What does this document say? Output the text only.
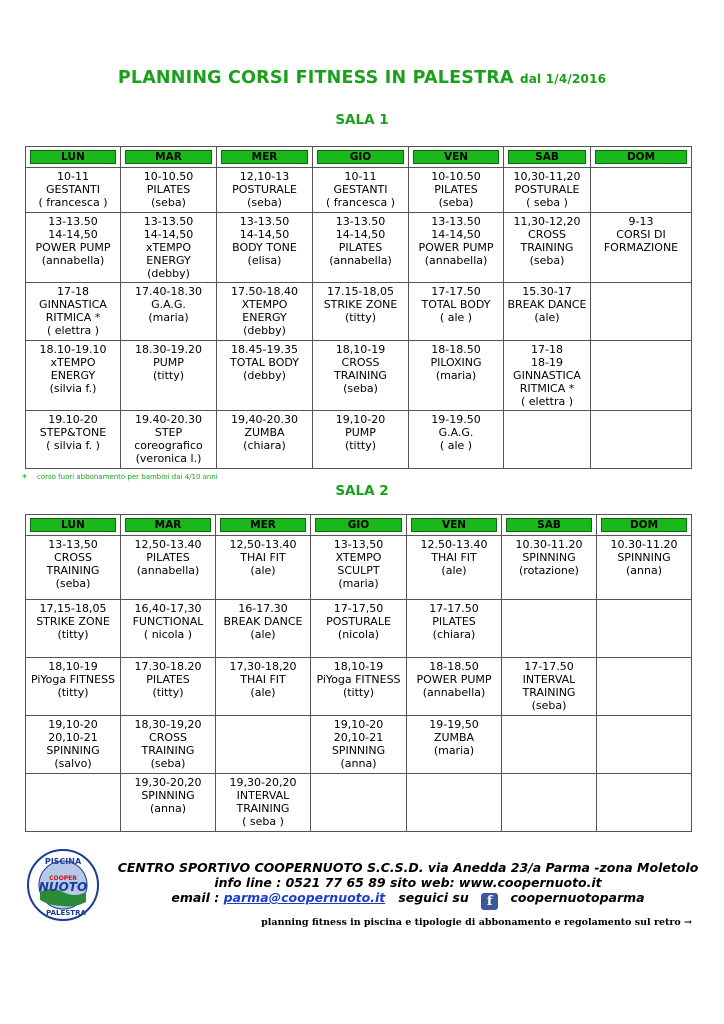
PLANNING CORSI FITNESS IN PALESTRA dal 1/4/2016
SALA 1
LUN	MAR	MER	GIO	VEN	SAB	DOM

10-11
GESTANTI
( francesca )	10-10.50
PILATES
(seba)	12,10-13
POSTURALE
(seba)	10-11
GESTANTI
( francesca )	10-10.50
PILATES
(seba)	10,30-11,20
POSTURALE
( seba )	

13-13.50
14-14,50
POWER PUMP
(annabella)	13-13.50
14-14,50
xTEMPO
ENERGY
(debby)	13-13.50
14-14,50
BODY TONE
(elisa)	13-13.50
14-14,50
PILATES
(annabella)	13-13.50
14-14,50
POWER PUMP
(annabella)	11,30-12,20
CROSS
TRAINING
(seba)	9-13
CORSI DI
FORMAZIONE

17-18
GINNASTICA
RITMICA *
( elettra )	17.40-18.30
G.A.G.
(maria)	17.50-18.40
XTEMPO
ENERGY
(debby)	17.15-18,05
STRIKE ZONE
(titty)	17-17.50
TOTAL BODY
( ale )	15.30-17
BREAK DANCE
(ale)	

18.10-19.10
xTEMPO
ENERGY
(silvia f.)	18.30-19.20
PUMP
(titty)	18.45-19.35
TOTAL BODY
(debby)	18,10-19
CROSS
TRAINING
(seba)	18-18.50
PILOXING
(maria)	17-18
18-19
GINNASTICA
RITMICA *
( elettra )	

19.10-20
STEP&TONE
( silvia f. )	19.40-20.30
STEP
coreografico
(veronica l.)	19,40-20.30
ZUMBA
(chiara)	19,10-20
PUMP
(titty)	19-19.50
G.A.G.
( ale )		

* corso fuori abbonamento per bambini dai 4/10 anni
SALA 2
LUN	MAR	MER	GIO	VEN	SAB	DOM

13-13,50
CROSS
TRAINING
(seba)	12,50-13.40
PILATES
(annabella)	12,50-13.40
THAI FIT
(ale)	13-13,50
XTEMPO
SCULPT
(maria)	12.50-13.40
THAI FIT
(ale)	10.30-11.20
SPINNING
(rotazione)	10.30-11.20
SPINNING
(anna)

17,15-18,05
STRIKE ZONE
(titty)	16,40-17,30
FUNCTIONAL
( nicola )	16-17.30
BREAK DANCE
(ale)	17-17,50
POSTURALE
(nicola)	17-17.50
PILATES
(chiara)		

18,10-19
PiYoga FITNESS
(titty)	17.30-18.20
PILATES
(titty)	17,30-18,20
THAI FIT
(ale)	18,10-19
PiYoga FITNESS
(titty)	18-18.50
POWER PUMP
(annabella)	17-17.50
INTERVAL
TRAINING
(seba)	

19,10-20
20,10-21
SPINNING
(salvo)	18,30-19,20
CROSS
TRAINING
(seba)		19,10-20
20,10-21
SPINNING
(anna)	19-19,50
ZUMBA
(maria)		

	19,30-20,20
SPINNING
(anna)	19,30-20,20
INTERVAL
TRAINING
( seba )				

PISCINA
COOPER
NUOTO
PALESTRA
CENTRO SPORTIVO COOPERNUOTO S.C.S.D. via Anedda 23/a Parma -zona Moletolo
info line : 0521 77 65 89 sito web: www.coopernuoto.it
email : parma@coopernuoto.it seguici su f coopernuotoparma
planning fitness in piscina e tipologie di abbonamento e regolamento sul retro →
